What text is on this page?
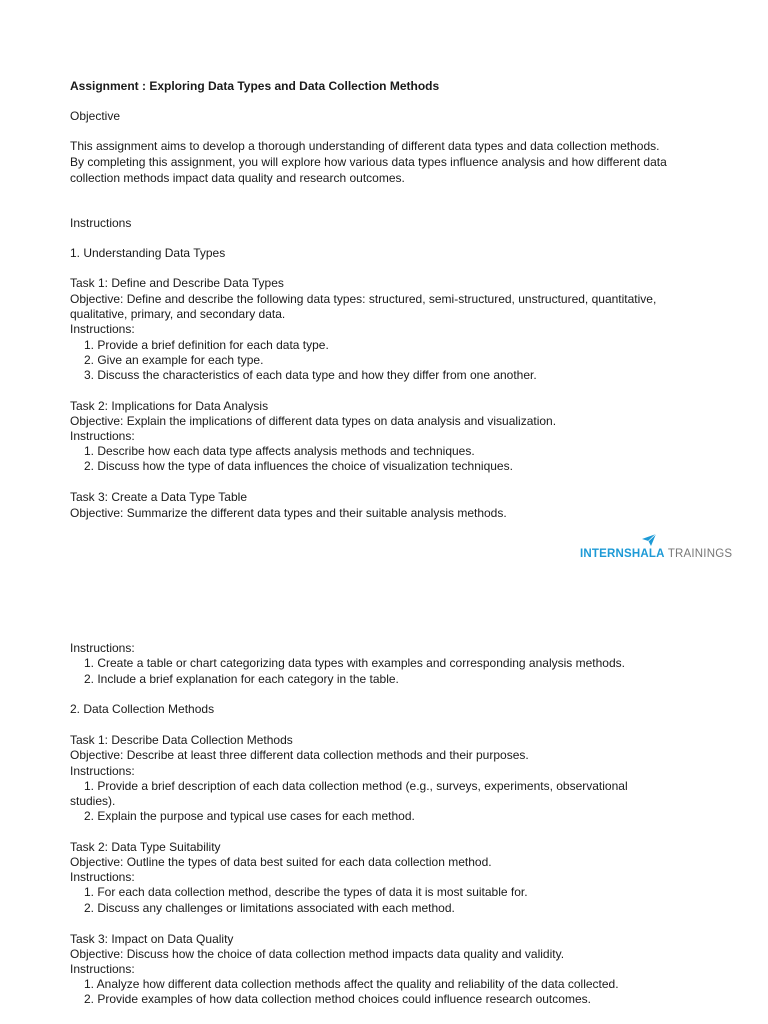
Assignment : Exploring Data Types and Data Collection Methods
Objective
This assignment aims to develop a thorough understanding of different data types and data collection methods.
By completing this assignment, you will explore how various data types influence analysis and how different data
collection methods impact data quality and research outcomes.
Instructions
1. Understanding Data Types
Task 1: Define and Describe Data Types
Objective: Define and describe the following data types: structured, semi-structured, unstructured, quantitative,
qualitative, primary, and secondary data.
Instructions:
1. Provide a brief definition for each data type.
2. Give an example for each type.
3. Discuss the characteristics of each data type and how they differ from one another.
Task 2: Implications for Data Analysis
Objective: Explain the implications of different data types on data analysis and visualization.
Instructions:
1. Describe how each data type affects analysis methods and techniques.
2. Discuss how the type of data influences the choice of visualization techniques.
Task 3: Create a Data Type Table
Objective: Summarize the different data types and their suitable analysis methods.
INTERNSHALA TRAININGS
Instructions:
1. Create a table or chart categorizing data types with examples and corresponding analysis methods.
2. Include a brief explanation for each category in the table.
2. Data Collection Methods
Task 1: Describe Data Collection Methods
Objective: Describe at least three different data collection methods and their purposes.
Instructions:
1. Provide a brief description of each data collection method (e.g., surveys, experiments, observational
studies).
2. Explain the purpose and typical use cases for each method.
Task 2: Data Type Suitability
Objective: Outline the types of data best suited for each data collection method.
Instructions:
1. For each data collection method, describe the types of data it is most suitable for.
2. Discuss any challenges or limitations associated with each method.
Task 3: Impact on Data Quality
Objective: Discuss how the choice of data collection method impacts data quality and validity.
Instructions:
1. Analyze how different data collection methods affect the quality and reliability of the data collected.
2. Provide examples of how data collection method choices could influence research outcomes.
